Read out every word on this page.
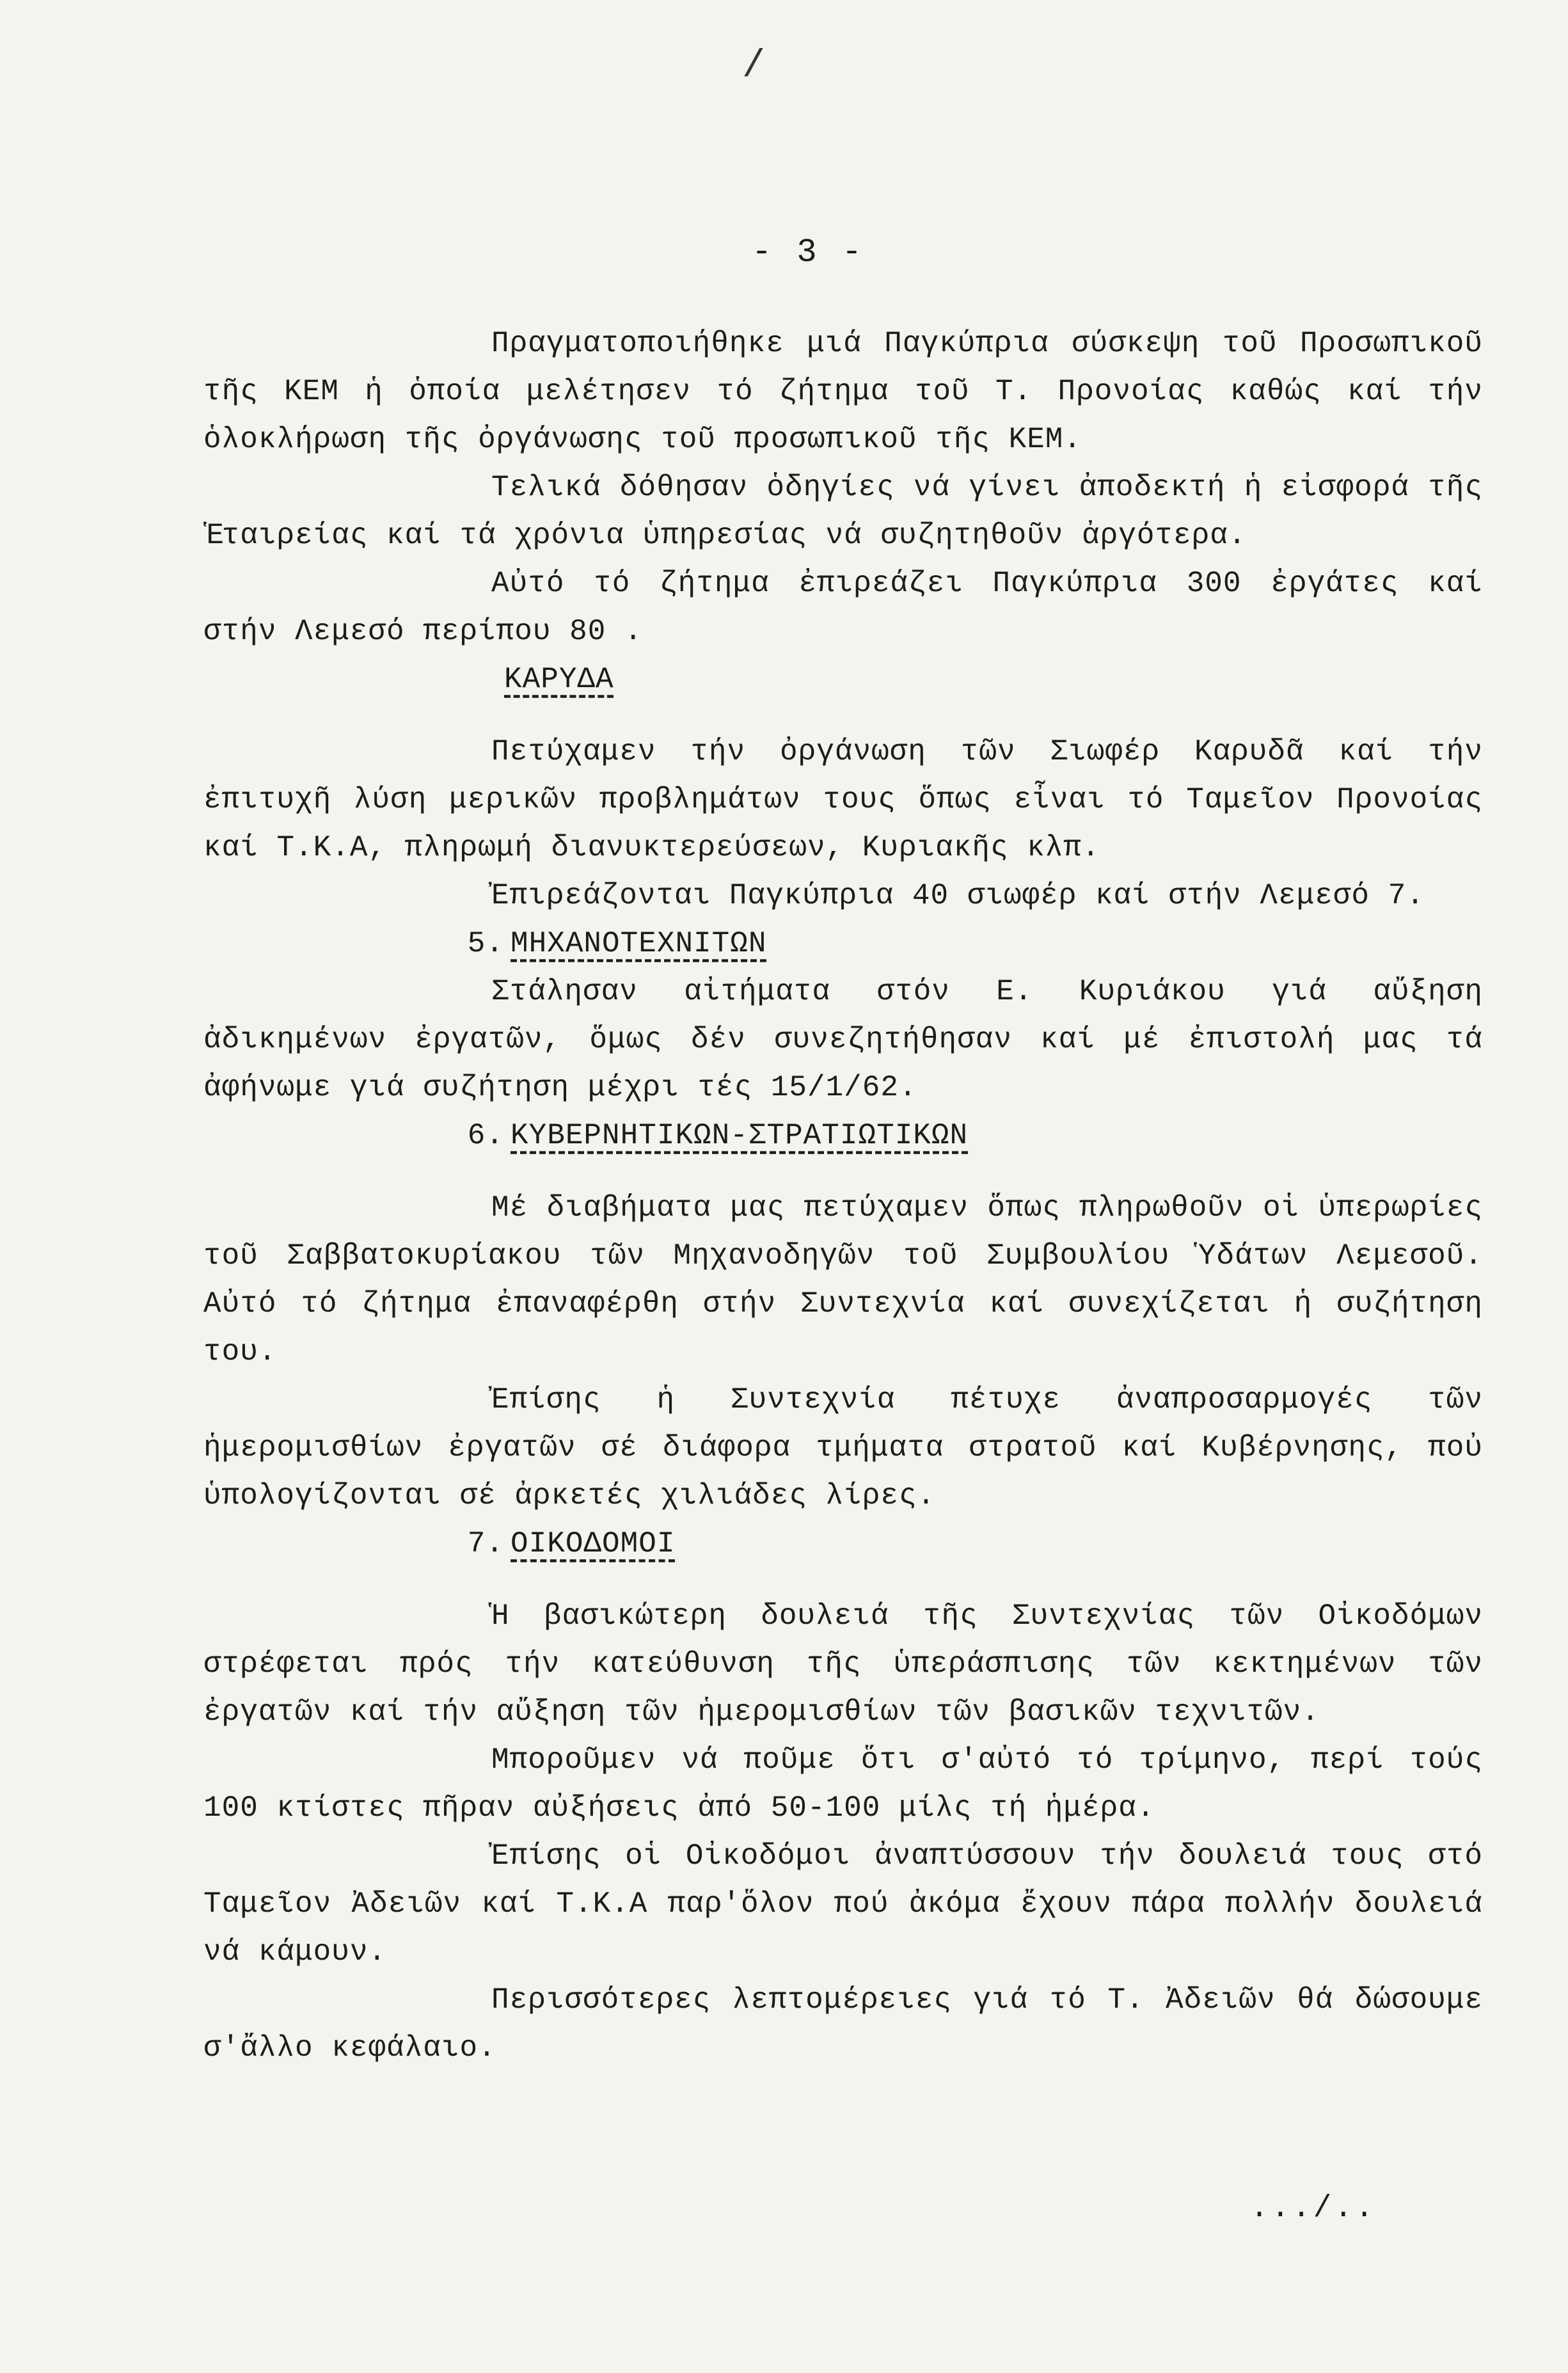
/
- 3 -

Πραγματοποιήθηκε μιά Παγκύπρια σύσκεψη τοῦ Προσωπικοῦ τῆς ΚΕΜ ἡ ὁποία μελέτησεν τό ζήτημα τοῦ Τ. Προνοίας καθώς καί τήν ὁλοκλήρωση τῆς ὀργάνωσης τοῦ προσωπικοῦ τῆς ΚΕΜ.

Τελικά δόθησαν ὁδηγίες νά γίνει ἀποδεκτή ἡ εἰσφορά τῆς Ἑταιρείας καί τά χρόνια ὑπηρεσίας νά συζητηθοῦν ἀργότερα.

Αὐτό τό ζήτημα ἐπιρεάζει Παγκύπρια 300 ἐργάτες καί στήν Λεμεσό περίπου 80 .

ΚΑΡΥΔΑ

Πετύχαμεν τήν ὀργάνωση τῶν Σιωφέρ Καρυδᾶ καί τήν ἐπιτυχῆ λύση μερικῶν προβλημάτων τους ὅπως εἶναι τό Ταμεῖον Προνοίας καί Τ.Κ.Α, πληρωμή διανυκτερεύσεων, Κυριακῆς κλπ.

Ἐπιρεάζονται Παγκύπρια 40 σιωφέρ καί στήν Λεμεσό 7.

5. ΜΗΧΑΝΟΤΕΧΝΙΤΩΝ

Στάλησαν αἰτήματα στόν Ε. Κυριάκου γιά αὔξηση ἀδικημένων ἐργατῶν, ὅμως δέν συνεζητήθησαν καί μέ ἐπιστολή μας τά ἀφήνωμε γιά συζήτηση μέχρι τές 15/1/62.

6. ΚΥΒΕΡΝΗΤΙΚΩΝ-ΣΤΡΑΤΙΩΤΙΚΩΝ

Μέ διαβήματα μας πετύχαμεν ὅπως πληρωθοῦν οἱ ὑπερωρίες τοῦ Σαββατοκυρίακου τῶν Μηχανοδηγῶν τοῦ Συμβουλίου Ὑδάτων Λεμεσοῦ. Αὐτό τό ζήτημα ἐπαναφέρθη στήν Συντεχνία καί συνεχίζεται ἡ συζήτηση του.

Ἐπίσης ἡ Συντεχνία πέτυχε ἀναπροσαρμογές τῶν ἡμερομισθίων ἐργατῶν σέ διάφορα τμήματα στρατοῦ καί Κυβέρνησης, ποὐ ὑπολογίζονται σέ ἀρκετές χιλιάδες λίρες.

7. ΟΙΚΟΔΟΜΟΙ

Ἡ βασικώτερη δουλειά τῆς Συντεχνίας τῶν Οἰκοδόμων στρέφεται πρός τήν κατεύθυνση τῆς ὑπεράσπισης τῶν κεκτημένων τῶν ἐργατῶν καί τήν αὔξηση τῶν ἡμερομισθίων τῶν βασικῶν τεχνιτῶν.

Μποροῦμεν νά ποῦμε ὅτι σ'αὐτό τό τρίμηνο, περί τούς 100 κτίστες πῆραν αὐξήσεις ἀπό 50-100 μίλς τή ἡμέρα.

Ἐπίσης οἱ Οἰκοδόμοι ἀναπτύσσουν τήν δουλειά τους στό Ταμεῖον Ἀδειῶν καί Τ.Κ.Α παρ'ὅλον πού ἀκόμα ἔχουν πάρα πολλήν δουλειά νά κάμουν.

Περισσότερες λεπτομέρειες γιά τό Τ. Ἀδειῶν θά δώσουμε σ'ἄλλο κεφάλαιο.

.../..
